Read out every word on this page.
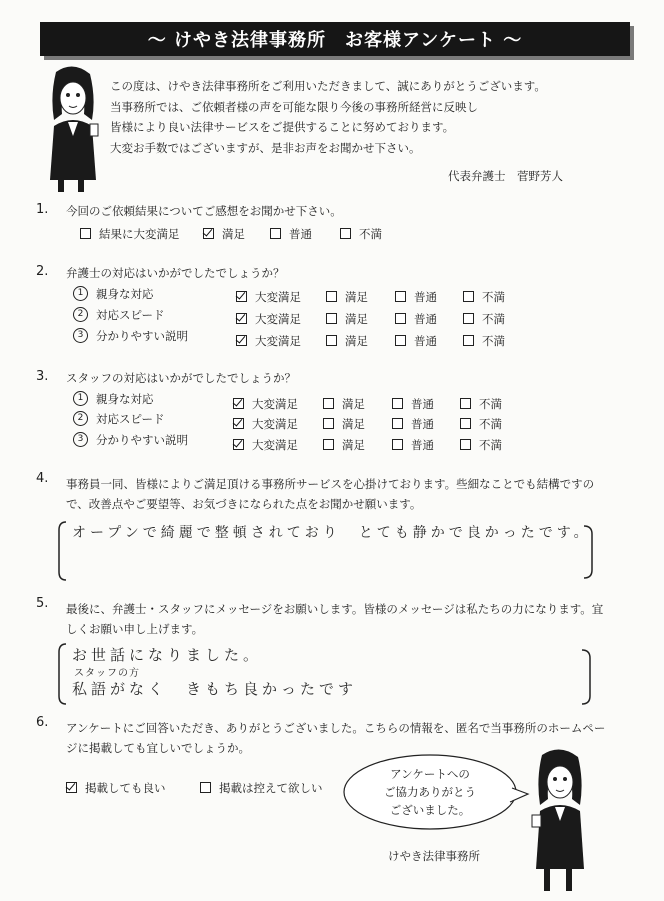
〜 けやき法律事務所　お客様アンケート 〜
この度は、けやき法律事務所をご利用いただきまして、誠にありがとうございます。
当事務所では、ご依頼者様の声を可能な限り今後の事務所経営に反映し
皆様により良い法律サービスをご提供することに努めております。
大変お手数ではございますが、是非お声をお聞かせ下さい。
代表弁護士　菅野芳人
1. 今回のご依頼結果についてご感想をお聞かせ下さい。
結果に大変満足	満足	普通	不満
2. 弁護士の対応はいかがでしたでしょうか？
1	親身な対応	大変満足	満足	普通	不満
2	対応スピード	大変満足	満足	普通	不満
3	分かりやすい説明	大変満足	満足	普通	不満
3. スタッフの対応はいかがでしたでしょうか？
1	親身な対応	大変満足	満足	普通	不満
2	対応スピード	大変満足	満足	普通	不満
3	分かりやすい説明	大変満足	満足	普通	不満
4. 事務員一同、皆様によりご満足頂ける事務所サービスを心掛けております。些細なことでも結構ですの
で、改善点やご要望等、お気づきになられた点をお聞かせ願います。
オープンで綺麗で整頓されており　とても静かで良かったです。
5. 最後に、弁護士・スタッフにメッセージをお願いします。皆様のメッセージは私たちの力になります。宜
しくお願い申し上げます。
お世話になりました。
スタッフの方
私語がなく　きもち良かったです
6. アンケートにご回答いただき、ありがとうございました。こちらの情報を、匿名で当事務所のホームペー
ジに掲載しても宜しいでしょうか。
掲載しても良い	掲載は控えて欲しい
アンケートへの
ご協力ありがとう
ございました。
けやき法律事務所
